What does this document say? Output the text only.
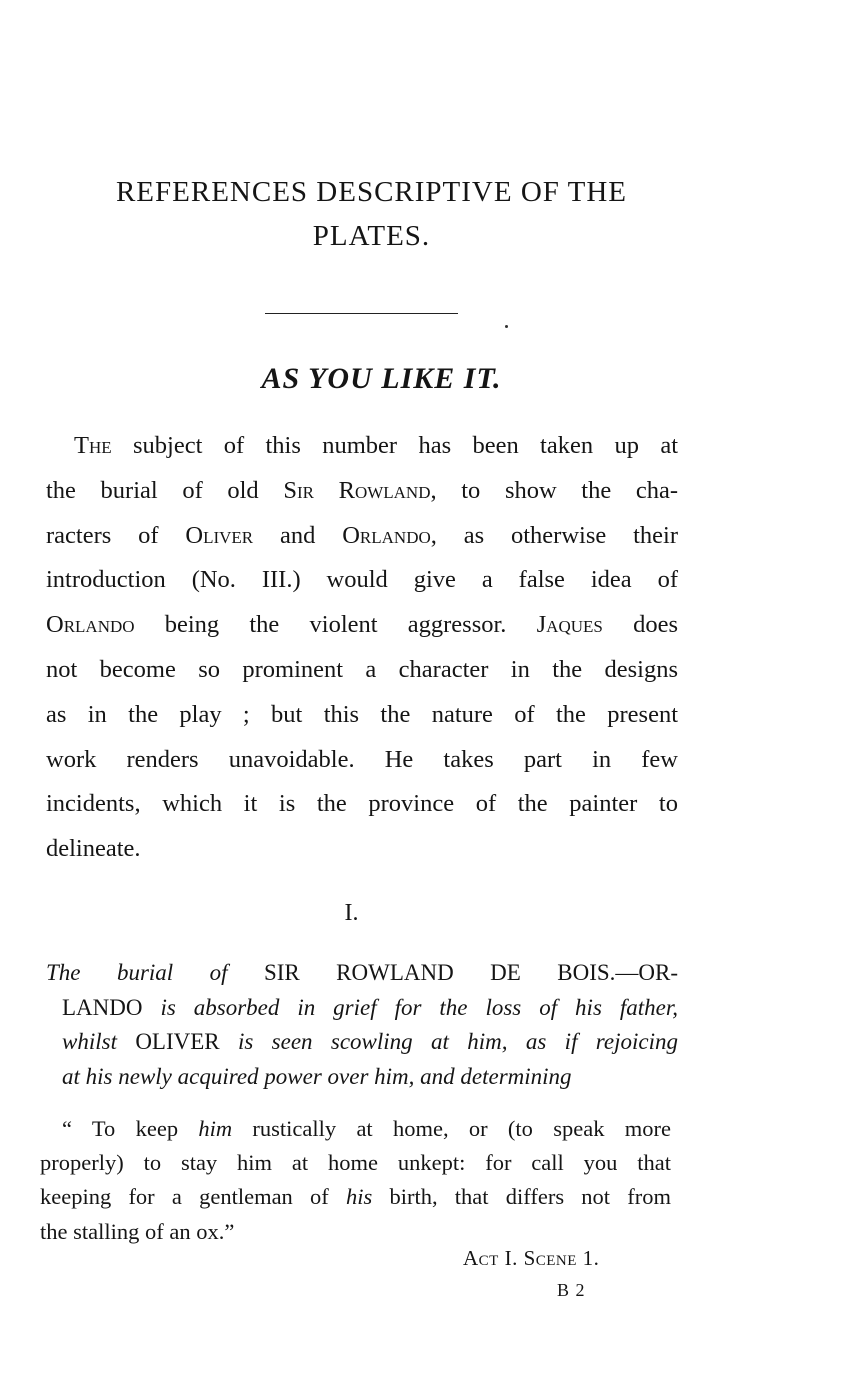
REFERENCES DESCRIPTIVE OF THE
PLATES.
AS YOU LIKE IT.
The subject of this number has been taken up at
the burial of old Sir Rowland, to show the cha-
racters of Oliver and Orlando, as otherwise their
introduction (No. III.) would give a false idea of
Orlando being the violent aggressor. Jaques does
not become so prominent a character in the designs
as in the play ; but this the nature of the present
work renders unavoidable. He takes part in few
incidents, which it is the province of the painter to
delineate.
I.
The burial of SIR ROWLAND DE BOIS.—OR-
LANDO is absorbed in grief for the loss of his father,
whilst OLIVER is seen scowling at him, as if rejoicing
at his newly acquired power over him, and determining
“ To keep him rustically at home, or (to speak more
properly) to stay him at home unkept: for call you that
keeping for a gentleman of his birth, that differs not from
the stalling of an ox.”
Act I. Scene 1.
B 2
